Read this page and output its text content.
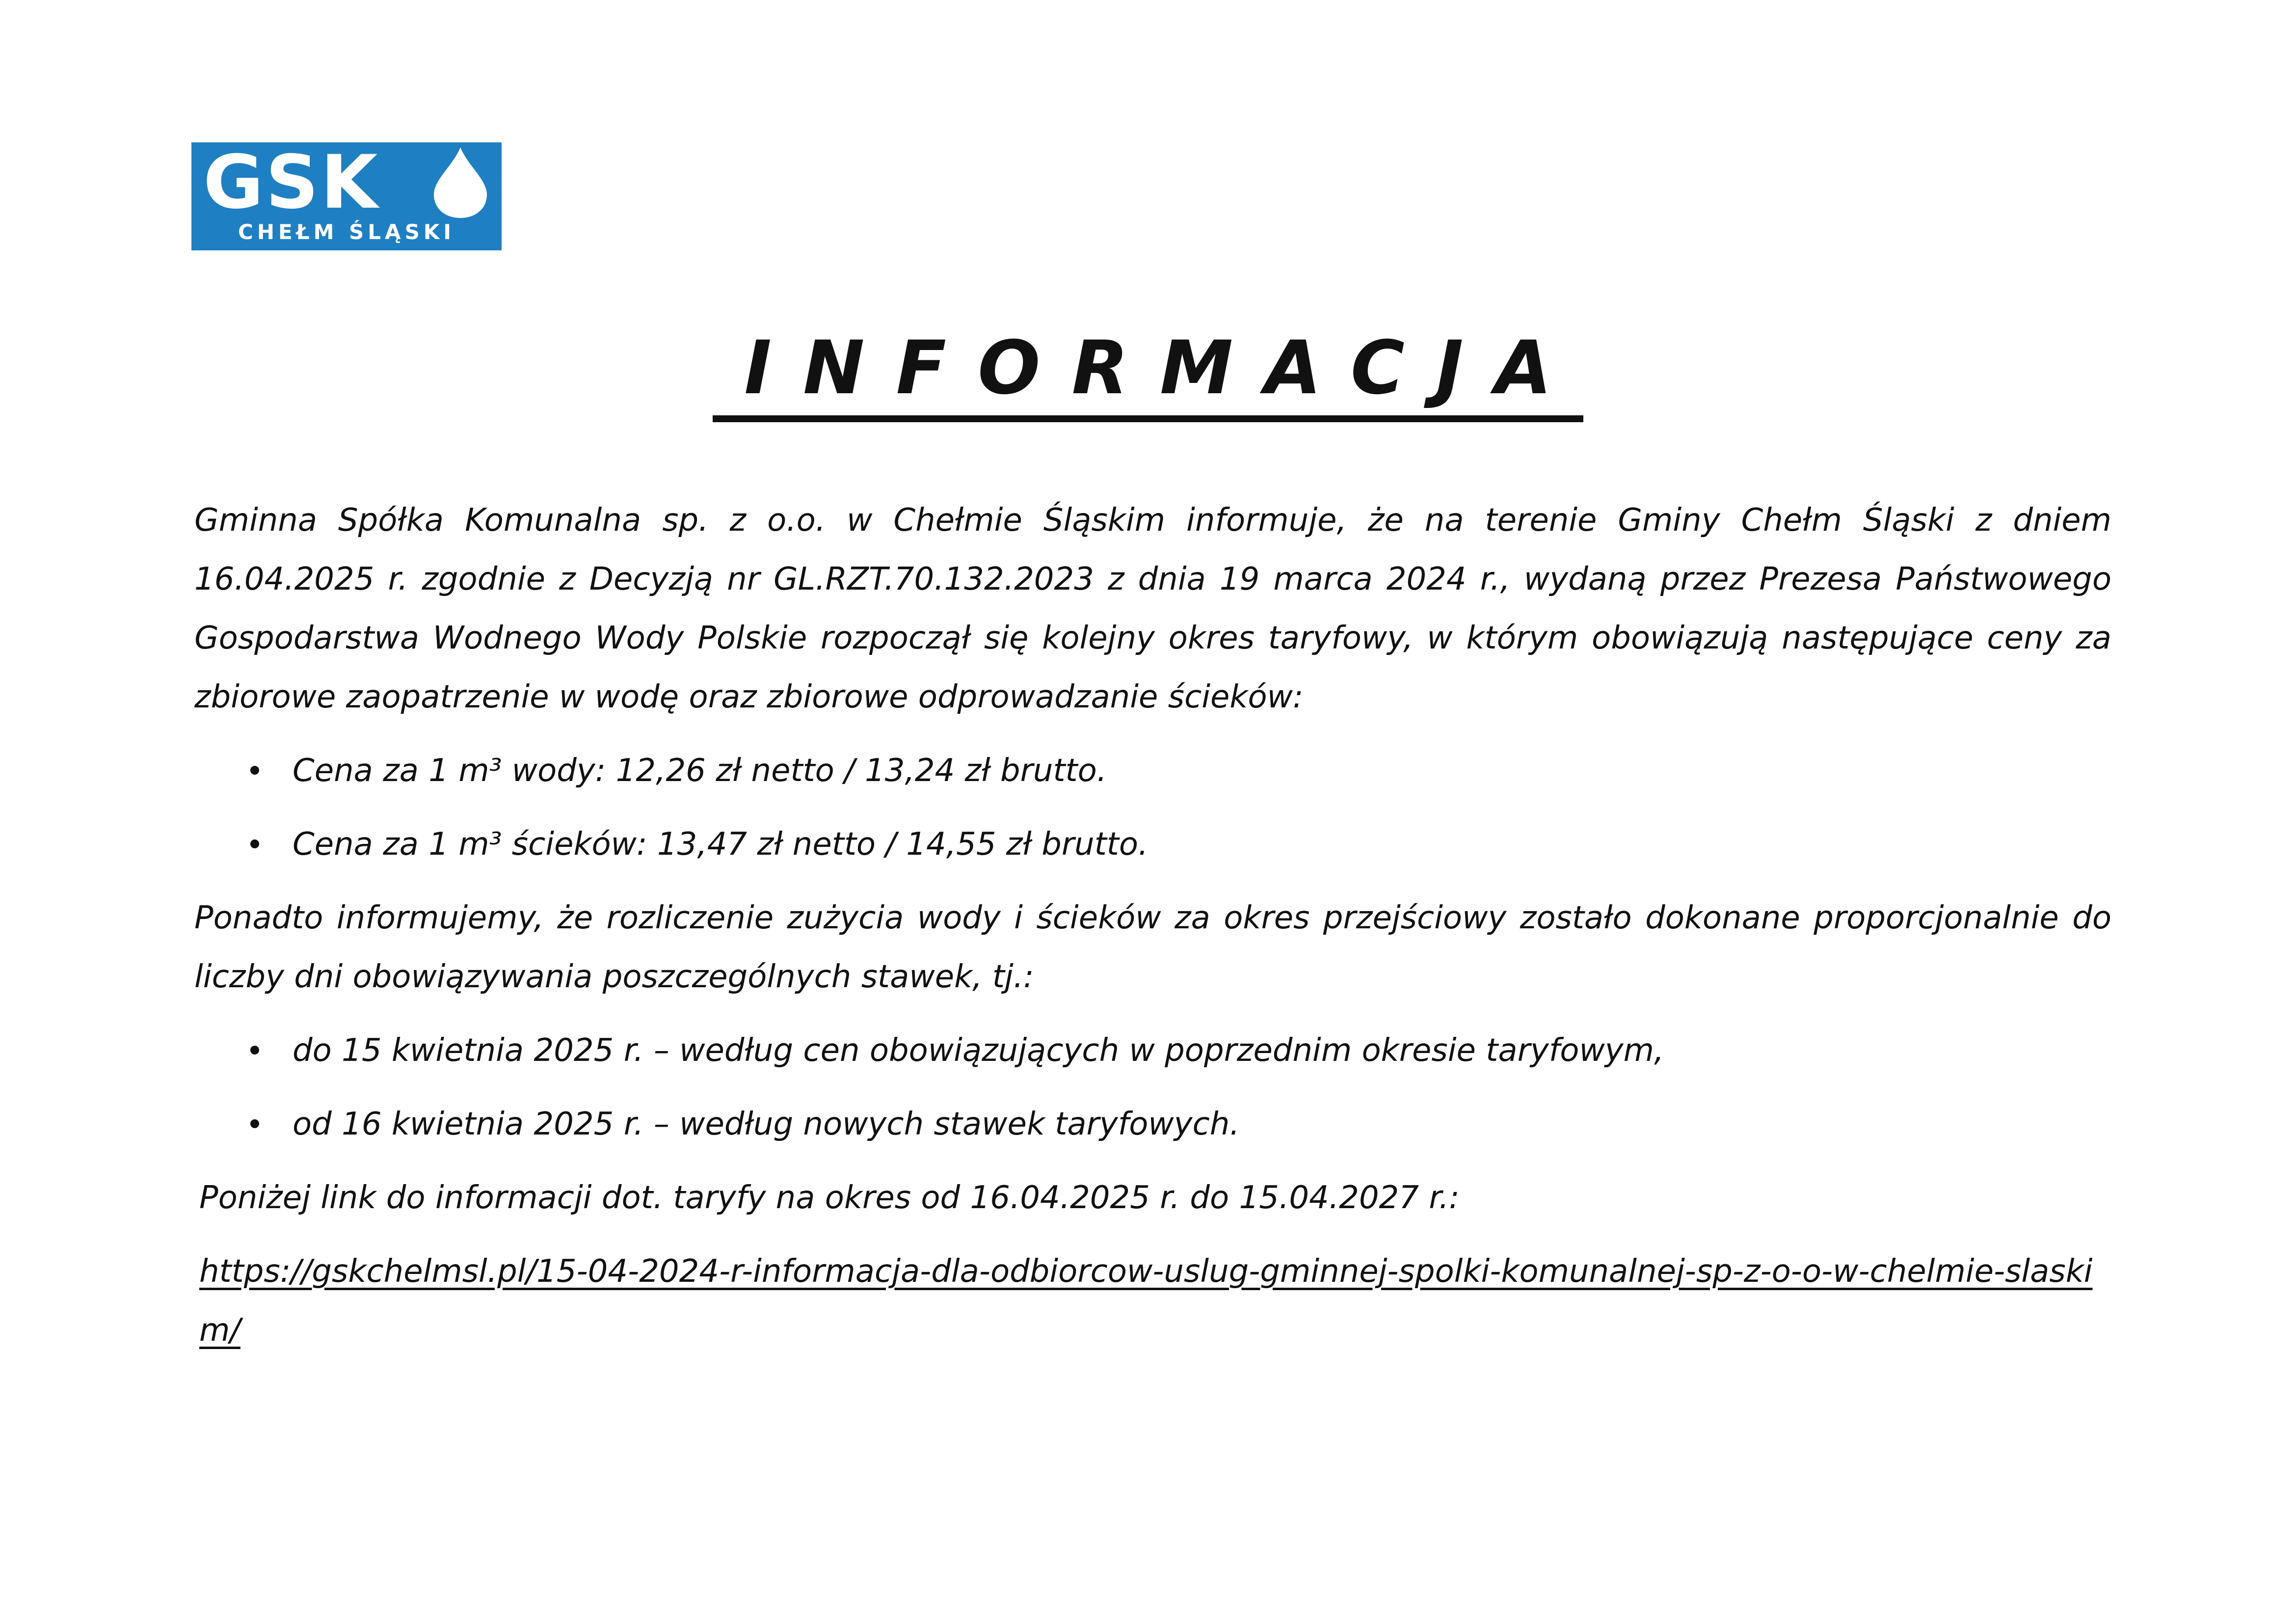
GSK
CHEŁM ŚLĄSKI
INFORMACJA

Gminna Spółka Komunalna sp. z o.o. w Chełmie Śląskim informuje, że na terenie Gminy Chełm Śląski z dniem 16.04.2025 r. zgodnie z Decyzją nr GL.RZT.70.132.2023 z dnia 19 marca 2024 r., wydaną przez Prezesa Państwowego Gospodarstwa Wodnego Wody Polskie rozpoczął się kolejny okres taryfowy, w którym obowiązują następujące ceny za zbiorowe zaopatrzenie w wodę oraz zbiorowe odprowadzanie ścieków:

Cena za 1 m³ wody: 12,26 zł netto / 13,24 zł brutto.
Cena za 1 m³ ścieków: 13,47 zł netto / 14,55 zł brutto.

Ponadto informujemy, że rozliczenie zużycia wody i ścieków za okres przejściowy zostało dokonane proporcjonalnie do liczby dni obowiązywania poszczególnych stawek, tj.:

do 15 kwietnia 2025 r. – według cen obowiązujących w poprzednim okresie taryfowym,
od 16 kwietnia 2025 r. – według nowych stawek taryfowych.

Poniżej link do informacji dot. taryfy na okres od 16.04.2025 r. do 15.04.2027 r.:

https://gskchelmsl.pl/15-04-2024-r-informacja-dla-odbiorcow-uslug-gminnej-spolki-komunalnej-sp-z-o-o-w-chelmie-slaskim/
